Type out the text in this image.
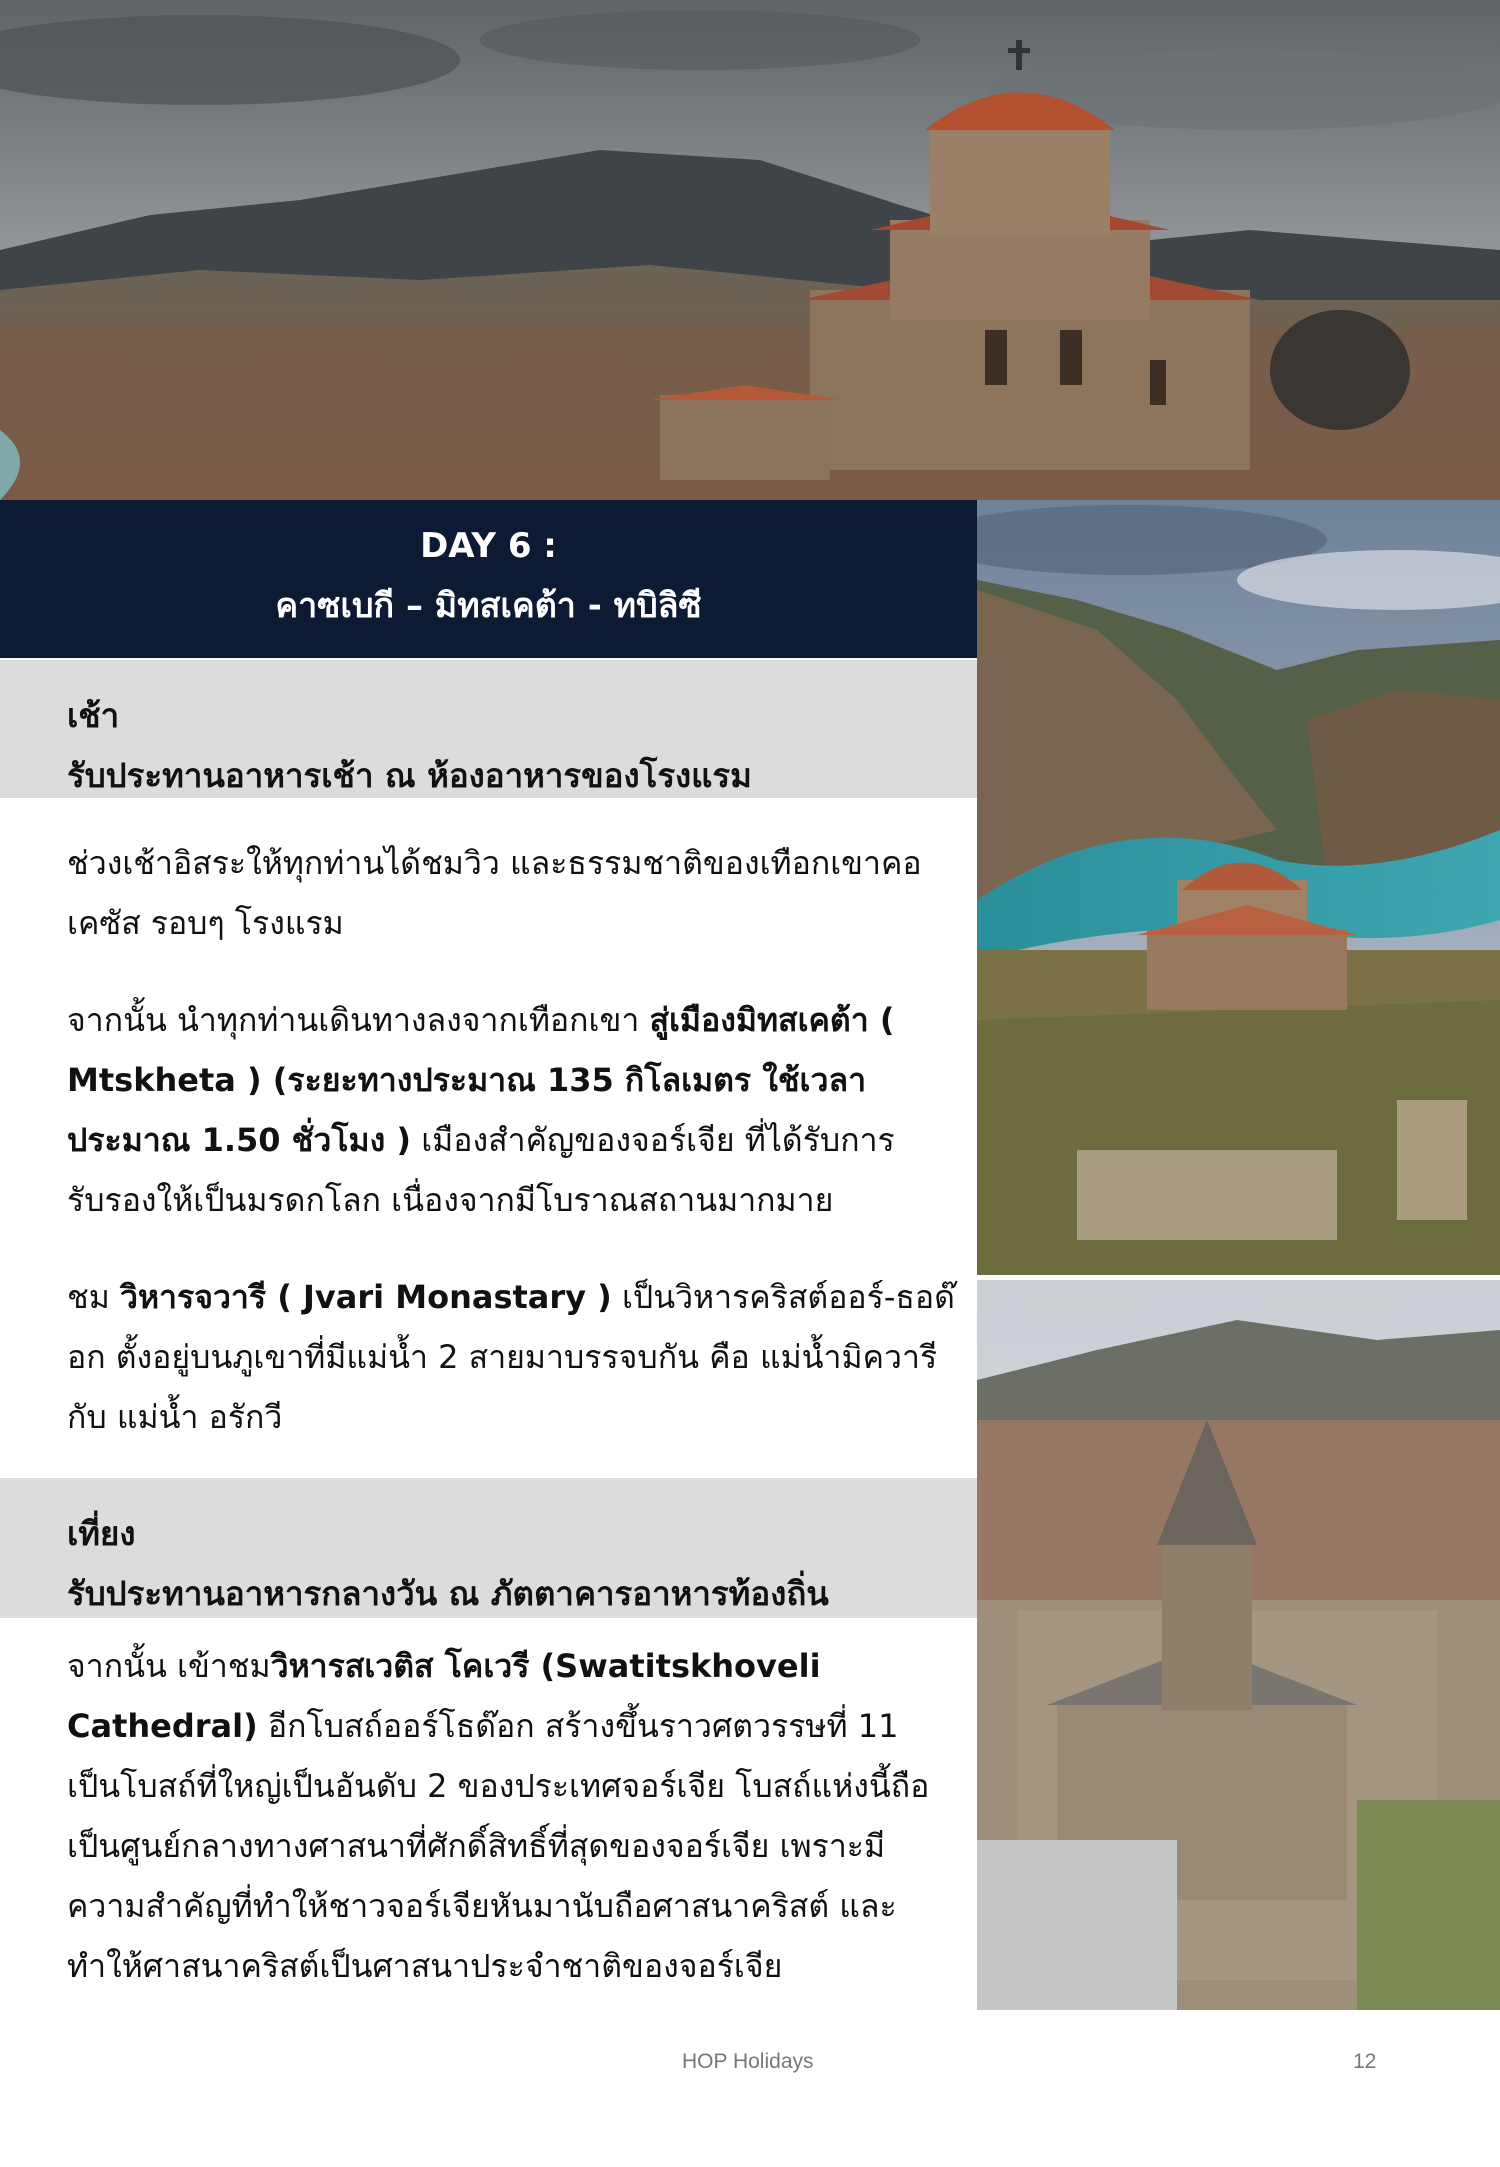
DAY 6 :
คาซเบกี – มิทสเคต้า - ทบิลิซี
เช้า
รับประทานอาหารเช้า ณ ห้องอาหารของโรงแรม
ช่วงเช้าอิสระให้ทุกท่านได้ชมวิว และธรรมชาติของเทือกเขาคอเคซัส รอบๆ โรงแรม
จากนั้น นำทุกท่านเดินทางลงจากเทือกเขา สู่เมืองมิทสเคต้า ( Mtskheta ) (ระยะทางประมาณ 135 กิโลเมตร ใช้เวลาประมาณ 1.50 ชั่วโมง ) เมืองสำคัญของจอร์เจีย ที่ได้รับการรับรองให้เป็นมรดกโลก เนื่องจากมีโบราณสถานมากมาย
ชม วิหารจวารี ( Jvari Monastary ) เป็นวิหารคริสต์ออร์-ธอด๊อก ตั้งอยู่บนภูเขาที่มีแม่น้ำ 2 สายมาบรรจบกัน คือ แม่น้ำมิควารี กับ แม่น้ำ อรักวี
เที่ยง
รับประทานอาหารกลางวัน ณ ภัตตาคารอาหารท้องถิ่น
จากนั้น เข้าชมวิหารสเวติส โคเวรี (Swatitskhoveli Cathedral) อีกโบสถ์ออร์โธด๊อก สร้างขึ้นราวศตวรรษที่ 11 เป็นโบสถ์ที่ใหญ่เป็นอันดับ 2 ของประเทศจอร์เจีย โบสถ์แห่งนี้ถือเป็นศูนย์กลางทางศาสนาที่ศักดิ์สิทธิ์ที่สุดของจอร์เจีย เพราะมีความสำคัญที่ทำให้ชาวจอร์เจียหันมานับถือศาสนาคริสต์ และทำให้ศาสนาคริสต์เป็นศาสนาประจำชาติของจอร์เจีย
HOP Holidays	12
